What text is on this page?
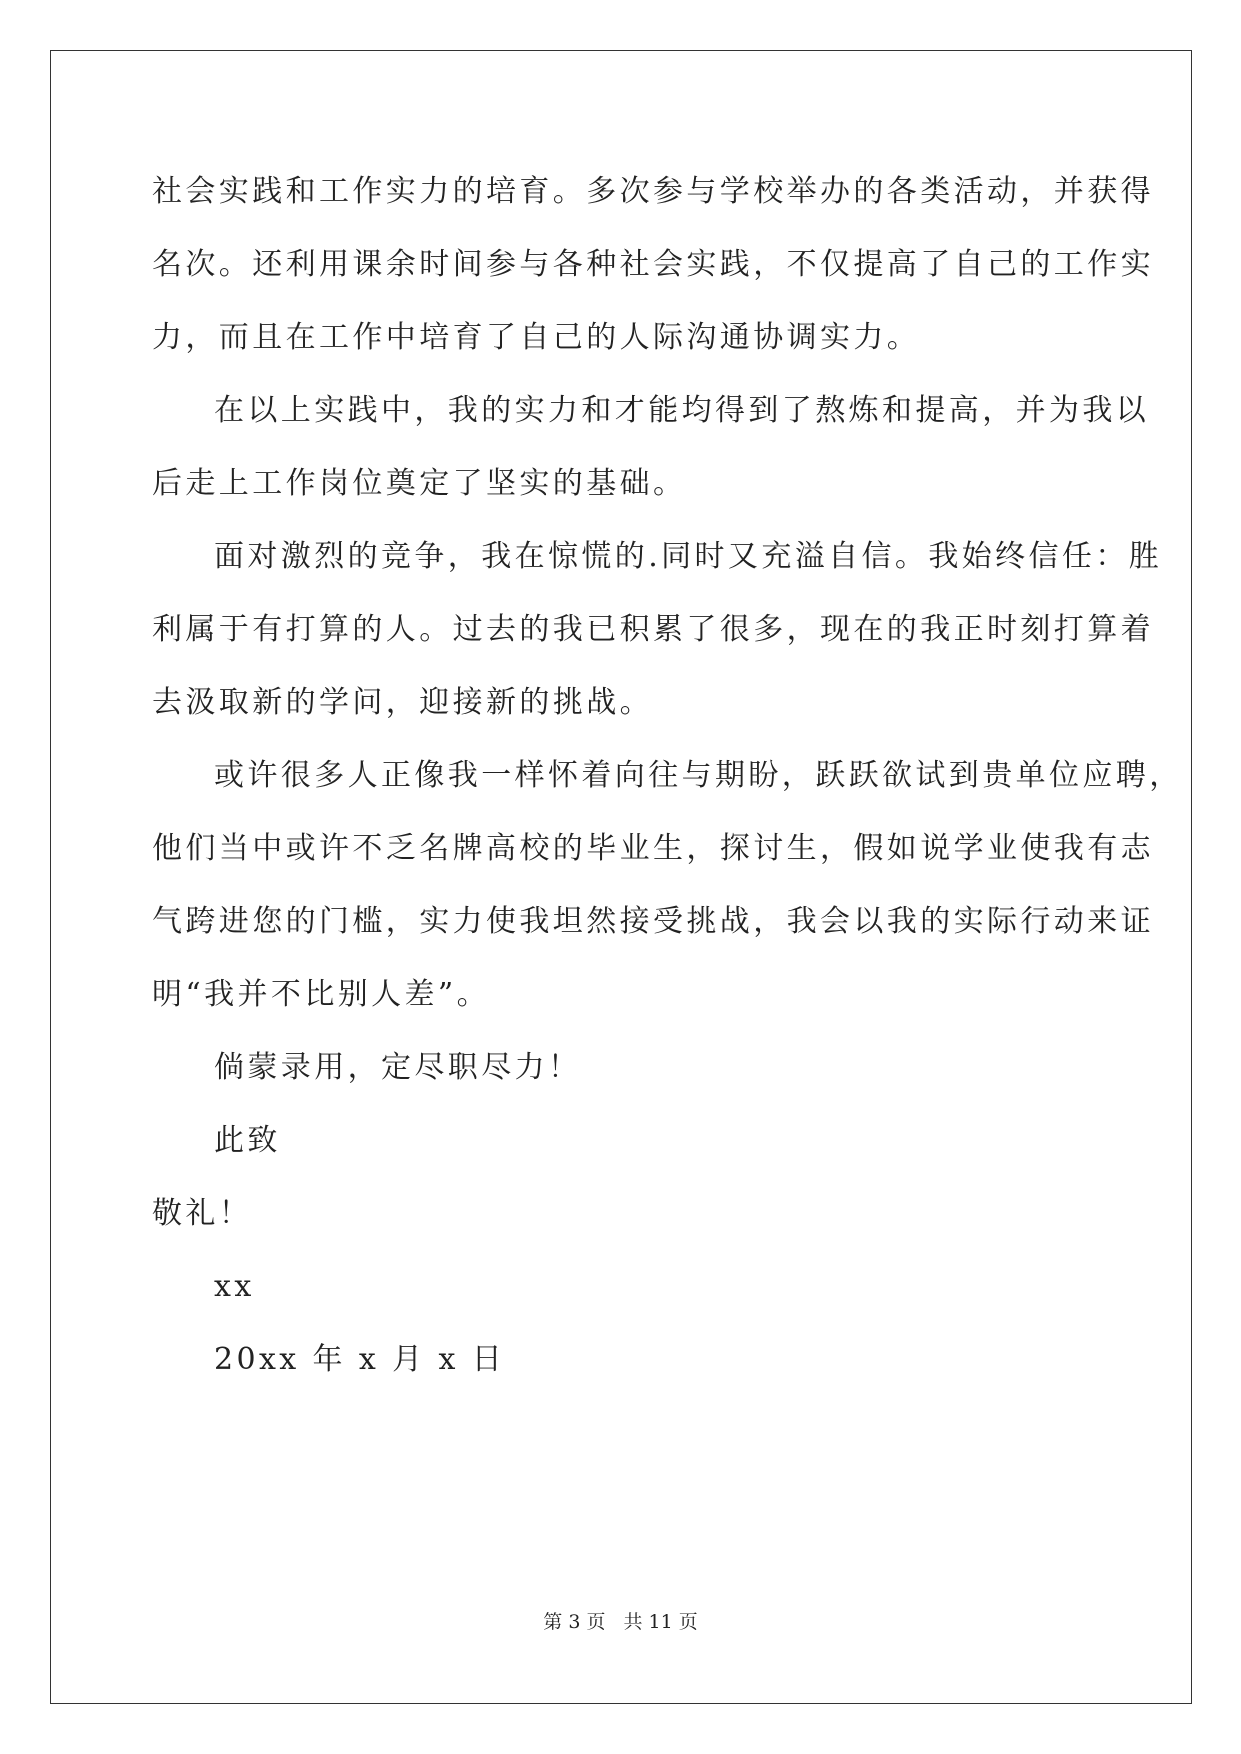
社会实践和工作实力的培育。多次参与学校举办的各类活动，并获得
名次。还利用课余时间参与各种社会实践，不仅提高了自己的工作实
力，而且在工作中培育了自己的人际沟通协调实力。
在以上实践中，我的实力和才能均得到了熬炼和提高，并为我以
后走上工作岗位奠定了坚实的基础。
面对激烈的竞争，我在惊慌的.同时又充溢自信。我始终信任：胜
利属于有打算的人。过去的我已积累了很多，现在的我正时刻打算着
去汲取新的学问，迎接新的挑战。
或许很多人正像我一样怀着向往与期盼，跃跃欲试到贵单位应聘，
他们当中或许不乏名牌高校的毕业生，探讨生，假如说学业使我有志
气跨进您的门槛，实力使我坦然接受挑战，我会以我的实际行动来证
明“我并不比别人差”。
倘蒙录用，定尽职尽力！
此致
敬礼！
xx
20xx 年 x 月 x 日
第 3 页 共 11 页
